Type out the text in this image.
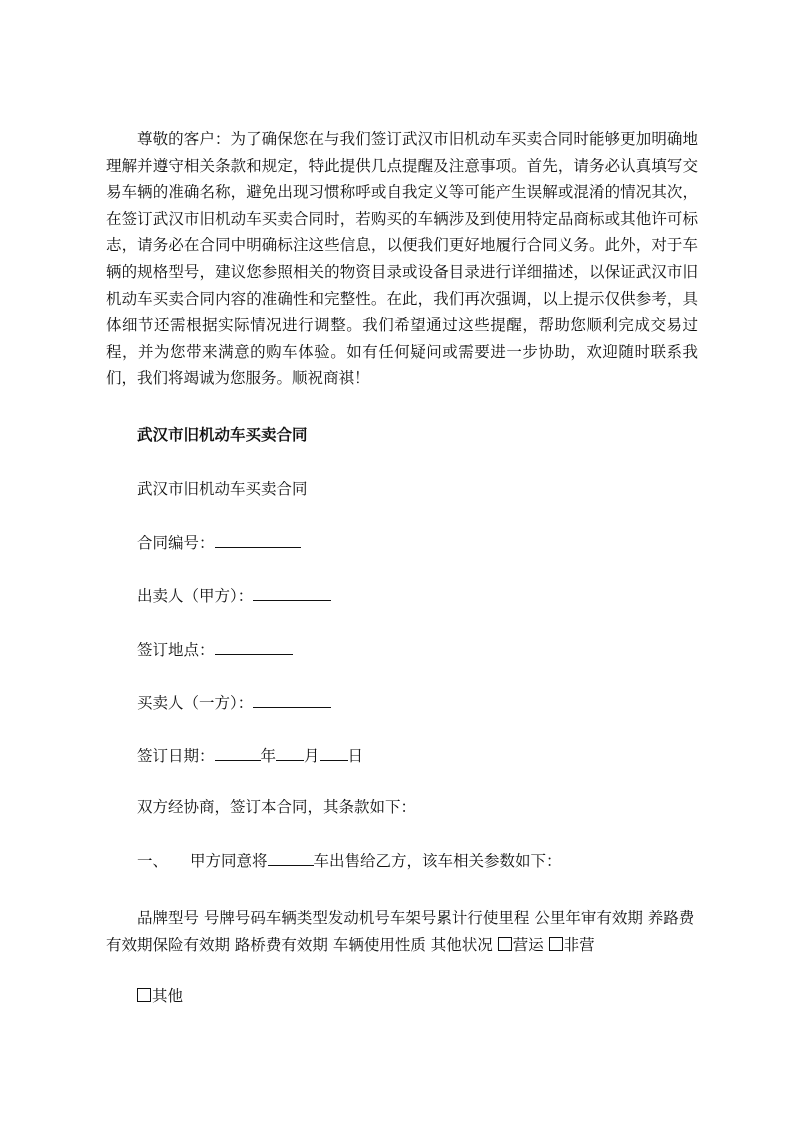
尊敬的客户：为了确保您在与我们签订武汉市旧机动车买卖合同时能够更加明确地理解并遵守相关条款和规定，特此提供几点提醒及注意事项。首先，请务必认真填写交易车辆的准确名称，避免出现习惯称呼或自我定义等可能产生误解或混淆的情况其次，在签订武汉市旧机动车买卖合同时，若购买的车辆涉及到使用特定品商标或其他许可标志，请务必在合同中明确标注这些信息，以便我们更好地履行合同义务。此外，对于车辆的规格型号，建议您参照相关的物资目录或设备目录进行详细描述，以保证武汉市旧机动车买卖合同内容的准确性和完整性。在此，我们再次强调，以上提示仅供参考，具体细节还需根据实际情况进行调整。我们希望通过这些提醒，帮助您顺利完成交易过程，并为您带来满意的购车体验。如有任何疑问或需要进一步协助，欢迎随时联系我们，我们将竭诚为您服务。顺祝商祺！

武汉市旧机动车买卖合同

武汉市旧机动车买卖合同

合同编号：

出卖人（甲方）：

签订地点：

买卖人（一方）：

签订日期：	年 月 日

双方经协商，签订本合同，其条款如下：

一、 甲方同意将	车出售给乙方，该车相关参数如下：

品牌型号 号牌号码车辆类型发动机号车架号累计行使里程 公里年审有效期 养路费有效期保险有效期 路桥费有效期 车辆使用性质 其他状况 营运 非营

其他
